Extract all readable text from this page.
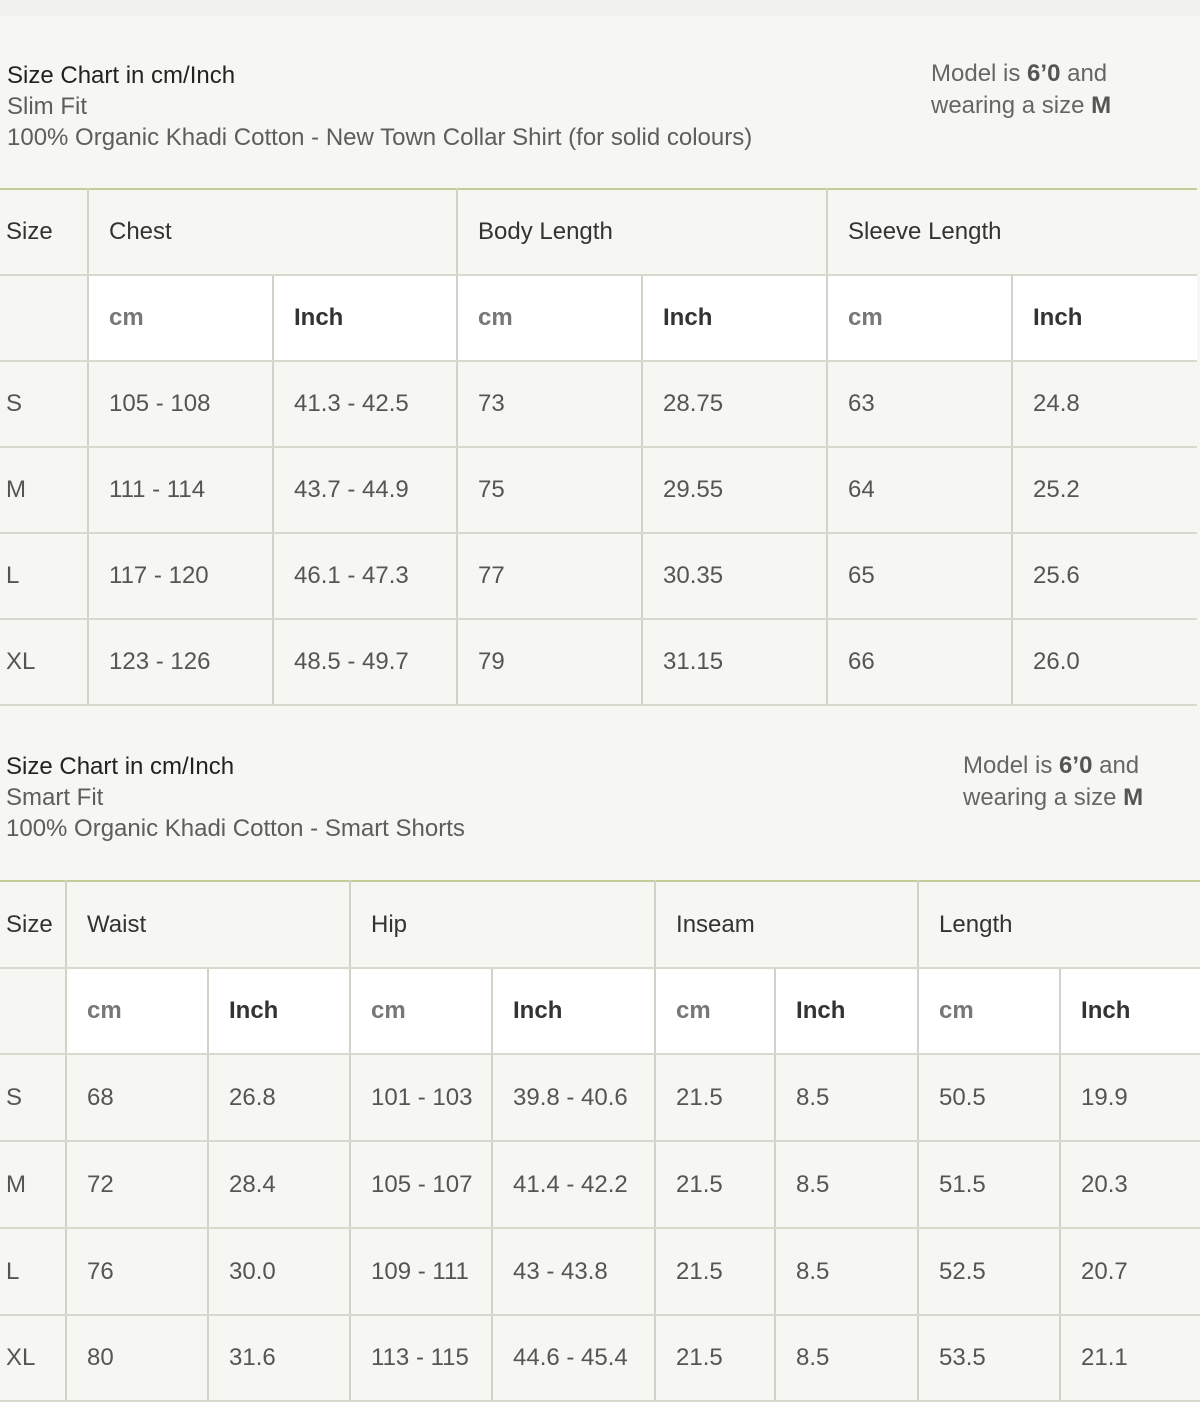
Size Chart in cm/Inch
Slim Fit
100% Organic Khadi Cotton - New Town Collar Shirt (for solid colours)
Model is 6’0 and
wearing a size M
Size	Chest		Body Length		Sleeve Length	
	cm	Inch	cm	Inch	cm	Inch
S	105 - 108	41.3 - 42.5	73	28.75	63	24.8
M	111 - 114	43.7 - 44.9	75	29.55	64	25.2
L	117 - 120	46.1 - 47.3	77	30.35	65	25.6
XL	123 - 126	48.5 - 49.7	79	31.15	66	26.0
Size Chart in cm/Inch
Smart Fit
100% Organic Khadi Cotton - Smart Shorts
Model is 6’0 and
wearing a size M
Size	Waist		Hip		Inseam		Length	
	cm	Inch	cm	Inch	cm	Inch	cm	Inch
S	68	26.8	101 - 103	39.8 - 40.6	21.5	8.5	50.5	19.9
M	72	28.4	105 - 107	41.4 - 42.2	21.5	8.5	51.5	20.3
L	76	30.0	109 - 111	43 - 43.8	21.5	8.5	52.5	20.7
XL	80	31.6	113 - 115	44.6 - 45.4	21.5	8.5	53.5	21.1
